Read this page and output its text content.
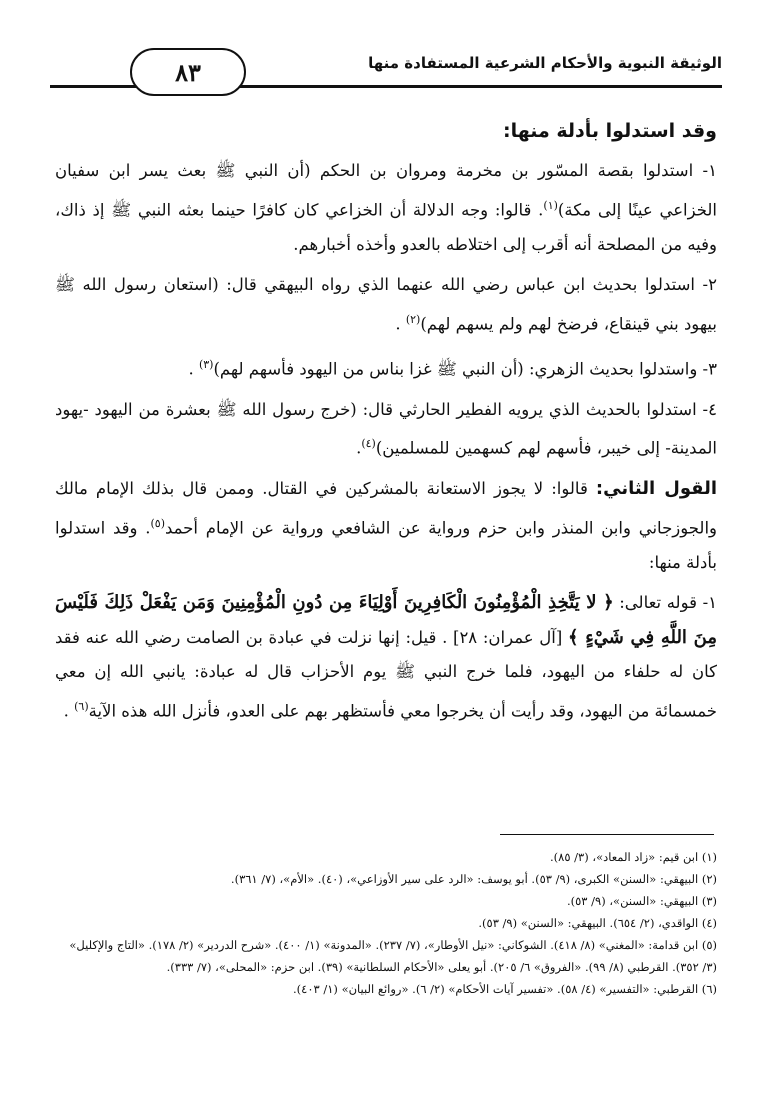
الوثيقة النبوية والأحكام الشرعية المستفادة منها
٨٣
وقد استدلوا بأدلة منها:

١- استدلوا بقصة المسّور بن مخرمة ومروان بن الحكم (أن النبي ﷺ بعث يسر ابن سفيان الخزاعي عينًا إلى مكة)$^{(١)}$. قالوا: وجه الدلالة أن الخزاعي كان كافرًا حينما بعثه النبي ﷺ إذ ذاك، وفيه من المصلحة أنه أقرب إلى اختلاطه بالعدو وأخذه أخبارهم.

٢- استدلوا بحديث ابن عباس رضي الله عنهما الذي رواه البيهقي قال: (استعان رسول الله ﷺ بيهود بني قينقاع، فرضخ لهم ولم يسهم لهم)$^{(٢)}$ .

٣- واستدلوا بحديث الزهري: (أن النبي ﷺ غزا بناس من اليهود فأسهم لهم)$^{(٣)}$ .

٤- استدلوا بالحديث الذي يرويه الفطير الحارثي قال: (خرج رسول الله ﷺ بعشرة من اليهود -يهود المدينة- إلى خيبر، فأسهم لهم كسهمين للمسلمين)$^{(٤)}$.

القول الثاني: قالوا: لا يجوز الاستعانة بالمشركين في القتال. وممن قال بذلك الإمام مالك والجوزجاني وابن المنذر وابن حزم ورواية عن الشافعي ورواية عن الإمام أحمد$^{(٥)}$. وقد استدلوا بأدلة منها:

١- قوله تعالى: ﴿ لا يَتَّخِذِ الْمُؤْمِنُونَ الْكَافِرِينَ أَوْلِيَاءَ مِن دُونِ الْمُؤْمِنِينَ وَمَن يَفْعَلْ ذَلِكَ فَلَيْسَ مِنَ اللَّهِ فِي شَيْءٍ ﴾ [آل عمران: ٢٨] . قيل: إنها نزلت في عبادة بن الصامت رضي الله عنه فقد كان له حلفاء من اليهود، فلما خرج النبي ﷺ يوم الأحزاب قال له عبادة: يانبي الله إن معي خمسمائة من اليهود، وقد رأيت أن يخرجوا معي فأستظهر بهم على العدو، فأنزل الله هذه الآية$^{(٦)}$ .

(١) ابن قيم: «زاد المعاد»، (٣/ ٨٥).

(٢) البيهقي: «السنن» الكبرى، (٩/ ٥٣). أبو يوسف: «الرد على سير الأوزاعي»، (٤٠). «الأم»، (٧/ ٣٦١).

(٣) البيهقي: «السنن»، (٩/ ٥٣).

(٤) الواقدي، (٢/ ٦٥٤). البيهقي: «السنن» (٩/ ٥٣).

(٥) ابن قدامة: «المغني» (٨/ ٤١٨). الشوكاني: «نيل الأوطار»، (٧/ ٢٣٧). «المدونة» (١/ ٤٠٠). «شرح الدردير» (٢/ ١٧٨). «التاج والإكليل» (٣/ ٣٥٢). القرطبي (٨/ ٩٩). «الفروق» ٦/ ٢٠٥). أبو يعلى «الأحكام السلطانية» (٣٩). ابن حزم: «المحلى»، (٧/ ٣٣٣).

(٦) القرطبي: «التفسير» (٤/ ٥٨). «تفسير آيات الأحكام» (٢/ ٦). «روائع البيان» (١/ ٤٠٣).
